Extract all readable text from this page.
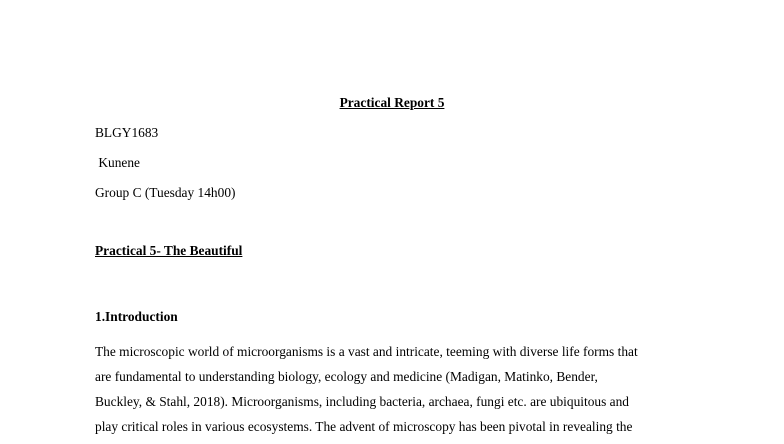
Practical Report 5

BLGY1683

Kunene

Group C (Tuesday 14h00)

Practical 5- The Beautiful

1.Introduction

The microscopic world of microorganisms is a vast and intricate, teeming with diverse life forms that
are fundamental to understanding biology, ecology and medicine (Madigan, Matinko, Bender,
Buckley, & Stahl, 2018). Microorganisms, including bacteria, archaea, fungi etc. are ubiquitous and
play critical roles in various ecosystems. The advent of microscopy has been pivotal in revealing the
